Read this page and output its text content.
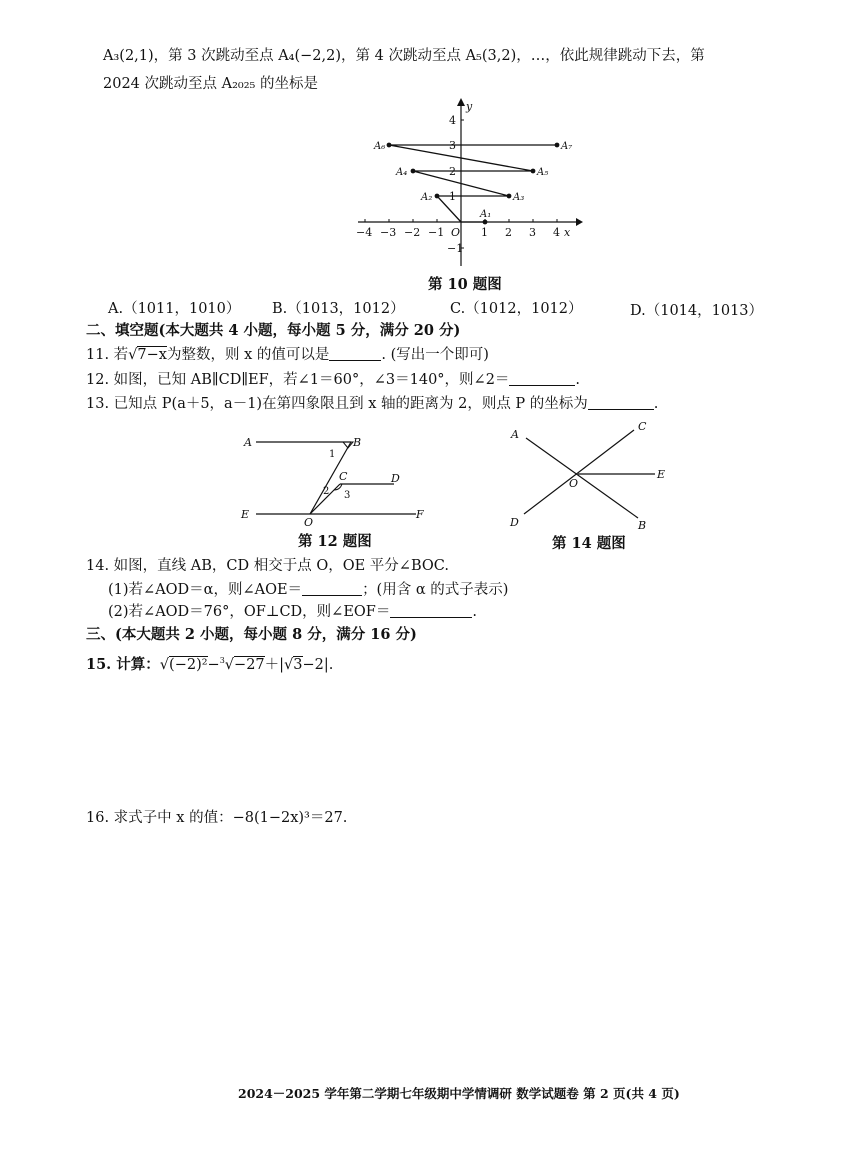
A₃(2,1)，第 3 次跳动至点 A₄(−2,2)，第 4 次跳动至点 A₅(3,2)，…，依此规律跳动下去，第
2024 次跳动至点 A₂₀₂₅ 的坐标是
x
y
O
−4 −3 −2 −1	1 2 3 4
4
3
2
1
−1
A₁
A₂	A₃
A₄	A₅
A₆	A₇
第 10 题图
A.（1011，1010） B.（1013，1012）	C.（1012，1012）	D.（1014，1013）
二、填空题(本大题共 4 小题，每小题 5 分，满分 20 分)
11. 若√7−x为整数，则 x 的值可以是	. (写出一个即可)
12. 如图，已知 AB∥CD∥EF，若∠1＝60°，∠3＝140°，则∠2＝	.
13. 已知点 P(a＋5，a－1)在第四象限且到 x 轴的距离为 2，则点 P 的坐标为	.
A	B
1
C	D
2 3
E
O
F
第 12 题图
A
C
E
O
D	B
第 14 题图
14. 如图，直线 AB，CD 相交于点 O，OE 平分∠BOC.
(1)若∠AOD＝α，则∠AOE＝	；(用含 α 的式子表示)
(2)若∠AOD＝76°，OF⊥CD，则∠EOF＝	.
三、(本大题共 2 小题，每小题 8 分，满分 16 分)
15. 计算：√(−2)²−$^3$√−27＋|√3−2|.
16. 求式子中 x 的值：−8(1−2x)³＝27.
2024－2025 学年第二学期七年级期中学情调研 数学试题卷 第 2 页(共 4 页)
